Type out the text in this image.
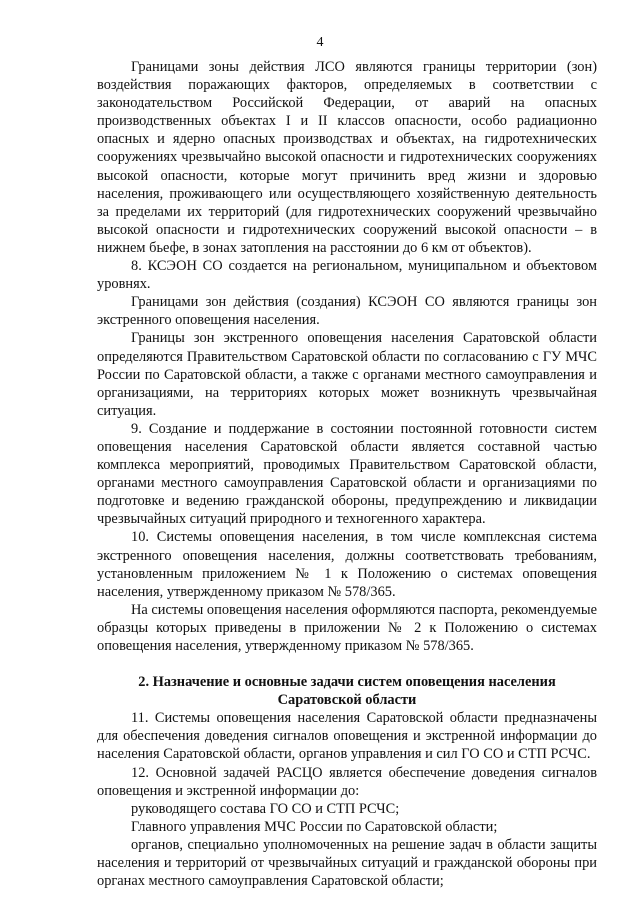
4

Границами зоны действия ЛСО являются границы территории (зон) воздействия поражающих факторов, определяемых в соответствии с законодательством Российской Федерации, от аварий на опасных производственных объектах I и II классов опасности, особо радиационно опасных и ядерно опасных производствах и объектах, на гидротехнических сооружениях чрезвычайно высокой опасности и гидротехнических сооружениях высокой опасности, которые могут причинить вред жизни и здоровью населения, проживающего или осуществляющего хозяйственную деятельность за пределами их территорий (для гидротехнических сооружений чрезвычайно высокой опасности и гидротехнических сооружений высокой опасности – в нижнем бьефе, в зонах затопления на расстоянии до 6 км от объектов).

8. КСЭОН СО создается на региональном, муниципальном и объектовом уровнях.

Границами зон действия (создания) КСЭОН СО являются границы зон экстренного оповещения населения.

Границы зон экстренного оповещения населения Саратовской области определяются Правительством Саратовской области по согласованию с ГУ МЧС России по Саратовской области, а также с органами местного самоуправления и организациями, на территориях которых может возникнуть чрезвычайная ситуация.

9. Создание и поддержание в состоянии постоянной готовности систем оповещения населения Саратовской области является составной частью комплекса мероприятий, проводимых Правительством Саратовской области, органами местного самоуправления Саратовской области и организациями по подготовке и ведению гражданской обороны, предупреждению и ликвидации чрезвычайных ситуаций природного и техногенного характера.

10. Системы оповещения населения, в том числе комплексная система экстренного оповещения населения, должны соответствовать требованиям, установленным приложением № 1 к Положению о системах оповещения населения, утвержденному приказом № 578/365.

На системы оповещения населения оформляются паспорта, рекомендуемые образцы которых приведены в приложении № 2 к Положению о системах оповещения населения, утвержденному приказом № 578/365.

2. Назначение и основные задачи систем оповещения населения

Саратовской области

11. Системы оповещения населения Саратовской области предназначены для обеспечения доведения сигналов оповещения и экстренной информации до населения Саратовской области, органов управления и сил ГО СО и СТП РСЧС.

12. Основной задачей РАСЦО является обеспечение доведения сигналов оповещения и экстренной информации до:

руководящего состава ГО СО и СТП РСЧС;

Главного управления МЧС России по Саратовской области;

органов, специально уполномоченных на решение задач в области защиты населения и территорий от чрезвычайных ситуаций и гражданской обороны при органах местного самоуправления Саратовской области;
